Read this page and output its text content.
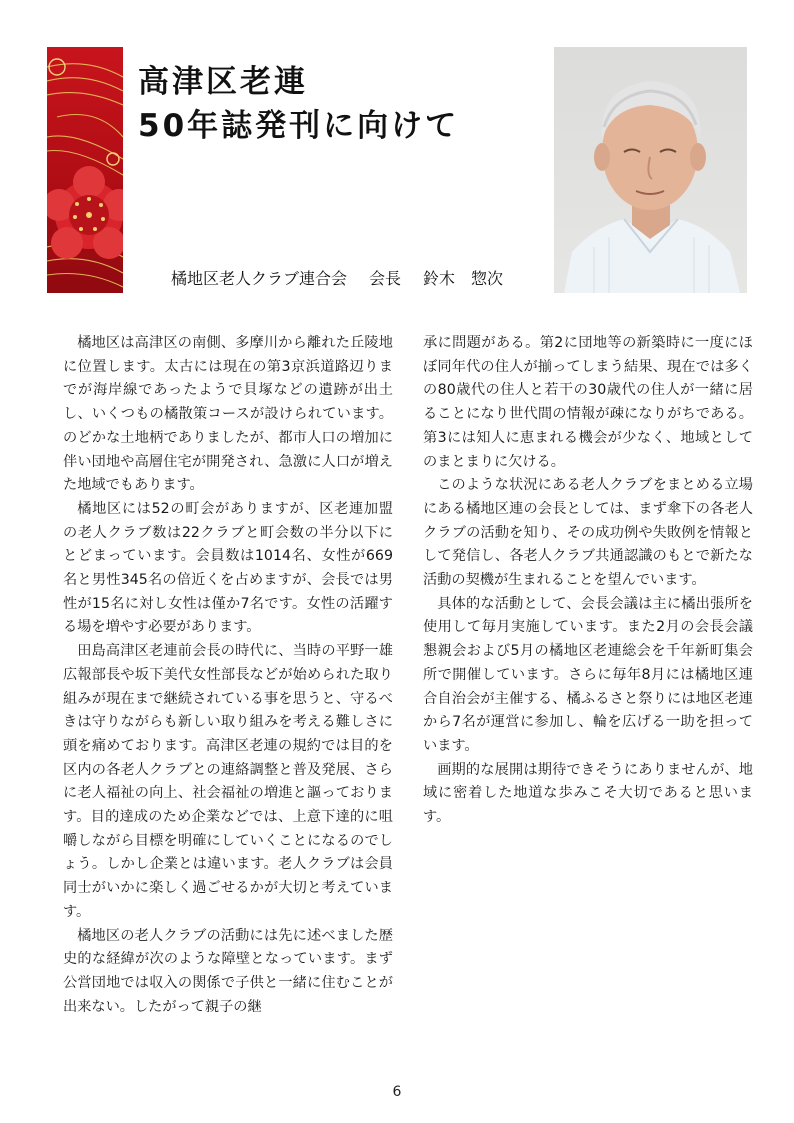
高津区老連
50年誌発刊に向けて
橘地区老人クラブ連合会 会長 鈴木　惣次

橘地区は高津区の南側、多摩川から離れた丘陵地に位置します。太古には現在の第3京浜道路辺りまでが海岸線であったようで貝塚などの遺跡が出土し、いくつもの橘散策コースが設けられています。のどかな土地柄でありましたが、都市人口の増加に伴い団地や高層住宅が開発され、急激に人口が増えた地域でもあります。

橘地区には52の町会がありますが、区老連加盟の老人クラブ数は22クラブと町会数の半分以下にとどまっています。会員数は1014名、女性が669名と男性345名の倍近くを占めますが、会長では男性が15名に対し女性は僅か7名です。女性の活躍する場を増やす必要があります。

田島高津区老連前会長の時代に、当時の平野一雄広報部長や坂下美代女性部長などが始められた取り組みが現在まで継続されている事を思うと、守るべきは守りながらも新しい取り組みを考える難しさに頭を痛めております。高津区老連の規約では目的を区内の各老人クラブとの連絡調整と普及発展、さらに老人福祉の向上、社会福祉の増進と謳っております。目的達成のため企業などでは、上意下達的に咀嚼しながら目標を明確にしていくことになるのでしょう。しかし企業とは違います。老人クラブは会員同士がいかに楽しく過ごせるかが大切と考えています。

橘地区の老人クラブの活動には先に述べました歴史的な経緯が次のような障壁となっています。まず公営団地では収入の関係で子供と一緒に住むことが出来ない。したがって親子の継

承に問題がある。第2に団地等の新築時に一度にほぼ同年代の住人が揃ってしまう結果、現在では多くの80歳代の住人と若干の30歳代の住人が一緒に居ることになり世代間の情報が疎になりがちである。第3には知人に恵まれる機会が少なく、地域としてのまとまりに欠ける。

このような状況にある老人クラブをまとめる立場にある橘地区連の会長としては、まず傘下の各老人クラブの活動を知り、その成功例や失敗例を情報として発信し、各老人クラブ共通認識のもとで新たな活動の契機が生まれることを望んでいます。

具体的な活動として、会長会議は主に橘出張所を使用して毎月実施しています。また2月の会長会議懇親会および5月の橘地区老連総会を千年新町集会所で開催しています。さらに毎年8月には橘地区連合自治会が主催する、橘ふるさと祭りには地区老連から7名が運営に参加し、輪を広げる一助を担っています。

画期的な展開は期待できそうにありませんが、地域に密着した地道な歩みこそ大切であると思います。

6
